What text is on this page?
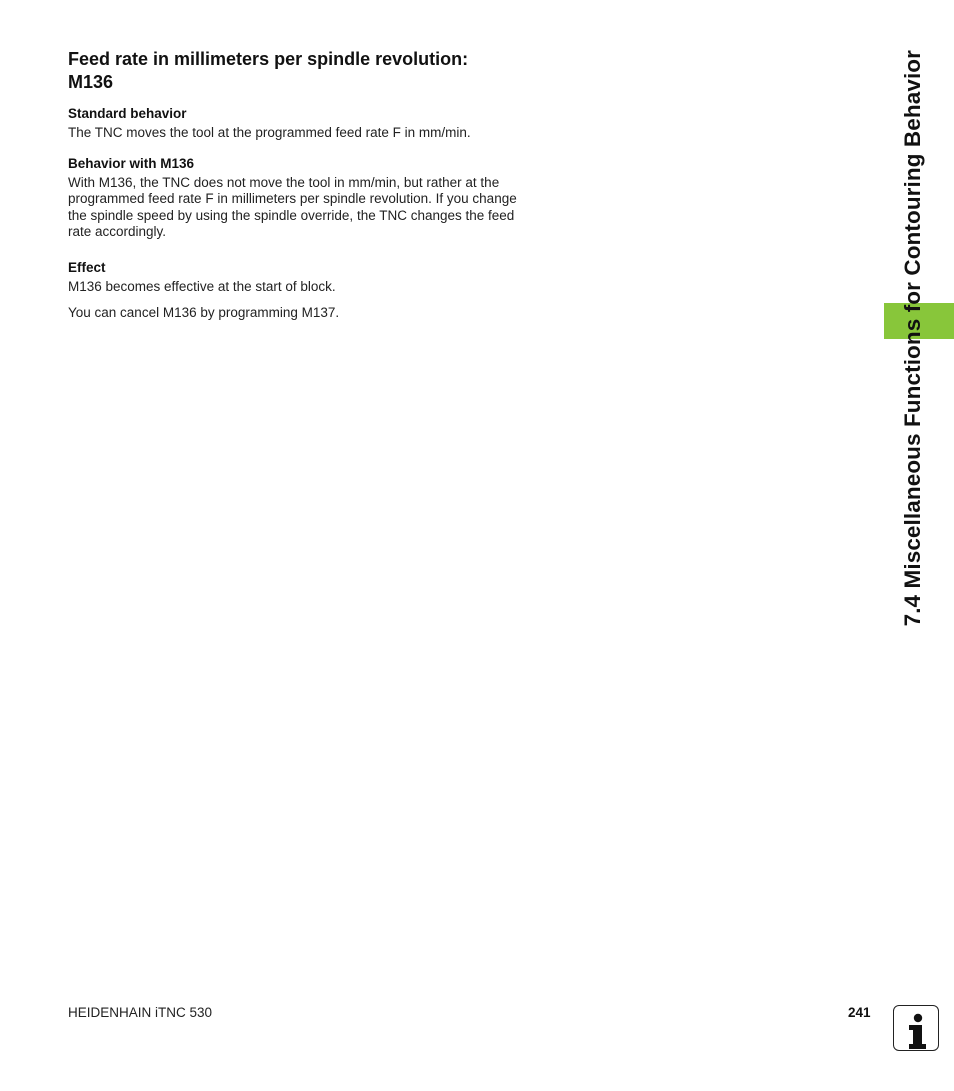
Feed rate in millimeters per spindle revolution:
M136
Standard behavior

The TNC moves the tool at the programmed feed rate F in mm/min.

Behavior with M136

With M136, the TNC does not move the tool in mm/min, but rather at the programmed feed rate F in millimeters per spindle revolution. If you change the spindle speed by using the spindle override, the TNC changes the feed rate accordingly.

Effect

M136 becomes effective at the start of block.

You can cancel M136 by programming M137.	7.4 Miscellaneous Functions for Contouring Behavior
HEIDENHAIN iTNC 530	241
